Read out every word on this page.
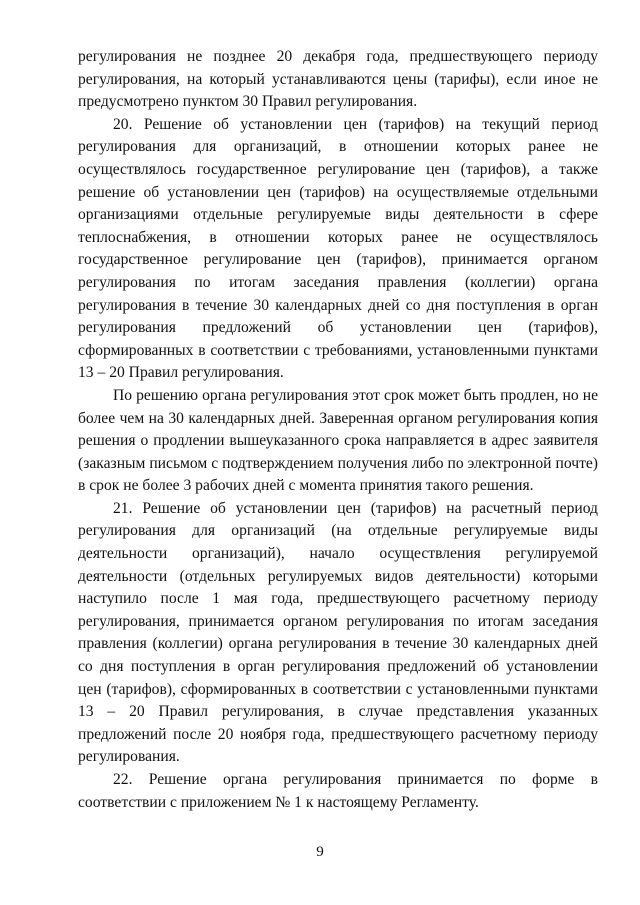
регулирования не позднее 20 декабря года, предшествующего периоду регулирования, на который устанавливаются цены (тарифы), если иное не предусмотрено пунктом 30 Правил регулирования.

20. Решение об установлении цен (тарифов) на текущий период регулирования для организаций, в отношении которых ранее не осуществлялось государственное регулирование цен (тарифов), а также решение об установлении цен (тарифов) на осуществляемые отдельными организациями отдельные регулируемые виды деятельности в сфере теплоснабжения, в отношении которых ранее не осуществлялось государственное регулирование цен (тарифов), принимается органом регулирования по итогам заседания правления (коллегии) органа регулирования в течение 30 календарных дней со дня поступления в орган регулирования предложений об установлении цен (тарифов), сформированных в соответствии с требованиями, установленными пунктами 13 – 20 Правил регулирования.

По решению органа регулирования этот срок может быть продлен, но не более чем на 30 календарных дней. Заверенная органом регулирования копия решения о продлении вышеуказанного срока направляется в адрес заявителя (заказным письмом с подтверждением получения либо по электронной почте) в срок не более 3 рабочих дней с момента принятия такого решения.

21. Решение об установлении цен (тарифов) на расчетный период регулирования для организаций (на отдельные регулируемые виды деятельности организаций), начало осуществления регулируемой деятельности (отдельных регулируемых видов деятельности) которыми наступило после 1 мая года, предшествующего расчетному периоду регулирования, принимается органом регулирования по итогам заседания правления (коллегии) органа регулирования в течение 30 календарных дней со дня поступления в орган регулирования предложений об установлении цен (тарифов), сформированных в соответствии с установленными пунктами 13 – 20 Правил регулирования, в случае представления указанных предложений после 20 ноября года, предшествующего расчетному периоду регулирования.

22. Решение органа регулирования принимается по форме в соответствии с приложением № 1 к настоящему Регламенту.

9
